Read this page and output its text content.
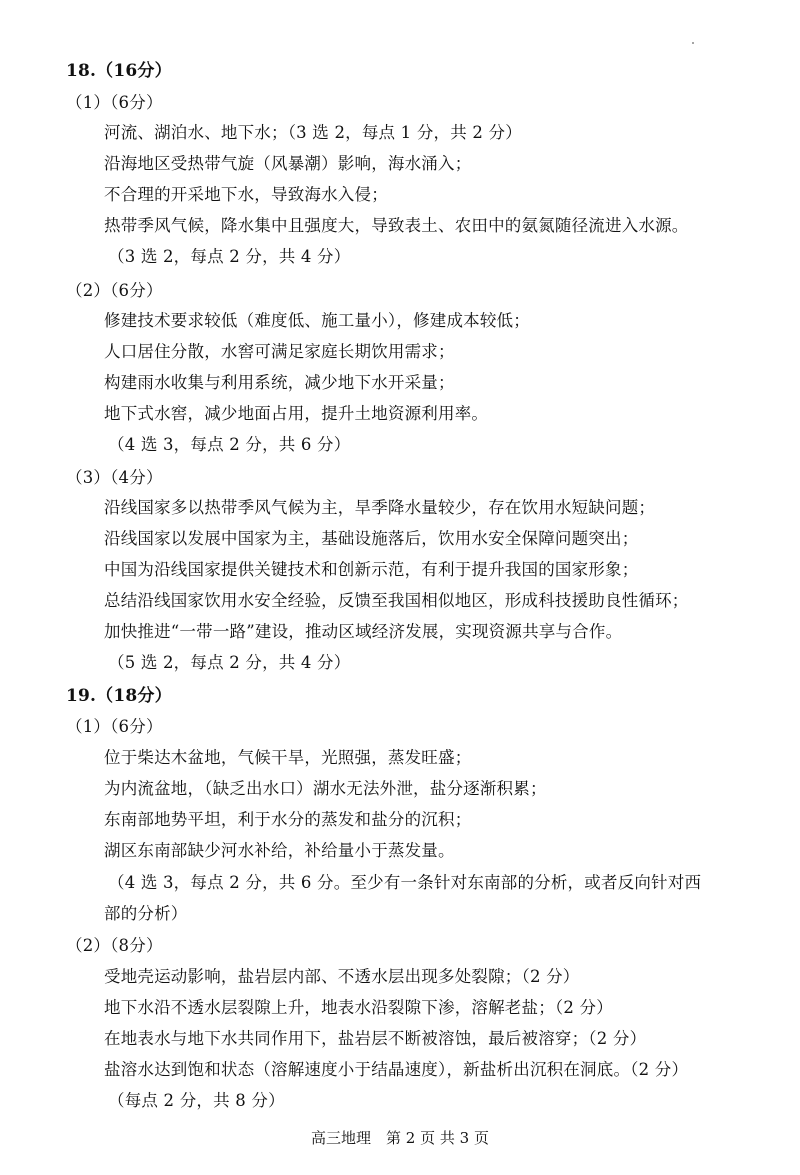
18.（16分）
（1）（6分）
河流、湖泊水、地下水；（3 选 2，每点 1 分，共 2 分）
沿海地区受热带气旋（风暴潮）影响，海水涌入；
不合理的开采地下水，导致海水入侵；
热带季风气候，降水集中且强度大，导致表土、农田中的氨氮随径流进入水源。
（3 选 2，每点 2 分，共 4 分）
（2）（6分）
修建技术要求较低（难度低、施工量小），修建成本较低；
人口居住分散，水窖可满足家庭长期饮用需求；
构建雨水收集与利用系统，减少地下水开采量；
地下式水窖，减少地面占用，提升土地资源利用率。
（4 选 3，每点 2 分，共 6 分）
（3）（4分）
沿线国家多以热带季风气候为主，旱季降水量较少，存在饮用水短缺问题；
沿线国家以发展中国家为主，基础设施落后，饮用水安全保障问题突出；
中国为沿线国家提供关键技术和创新示范，有利于提升我国的国家形象；
总结沿线国家饮用水安全经验，反馈至我国相似地区，形成科技援助良性循环；
加快推进“一带一路”建设，推动区域经济发展，实现资源共享与合作。
（5 选 2，每点 2 分，共 4 分）
19.（18分）
（1）（6分）
位于柴达木盆地，气候干旱，光照强，蒸发旺盛；
为内流盆地，（缺乏出水口）湖水无法外泄，盐分逐渐积累；
东南部地势平坦，利于水分的蒸发和盐分的沉积；
湖区东南部缺少河水补给，补给量小于蒸发量。
（4 选 3，每点 2 分，共 6 分。至少有一条针对东南部的分析，或者反向针对西
部的分析）
（2）（8分）
受地壳运动影响，盐岩层内部、不透水层出现多处裂隙；（2 分）
地下水沿不透水层裂隙上升，地表水沿裂隙下渗，溶解老盐；（2 分）
在地表水与地下水共同作用下，盐岩层不断被溶蚀，最后被溶穿；（2 分）
盐溶水达到饱和状态（溶解速度小于结晶速度），新盐析出沉积在洞底。（2 分）
（每点 2 分，共 8 分）
高三地理　第 2 页 共 3 页
